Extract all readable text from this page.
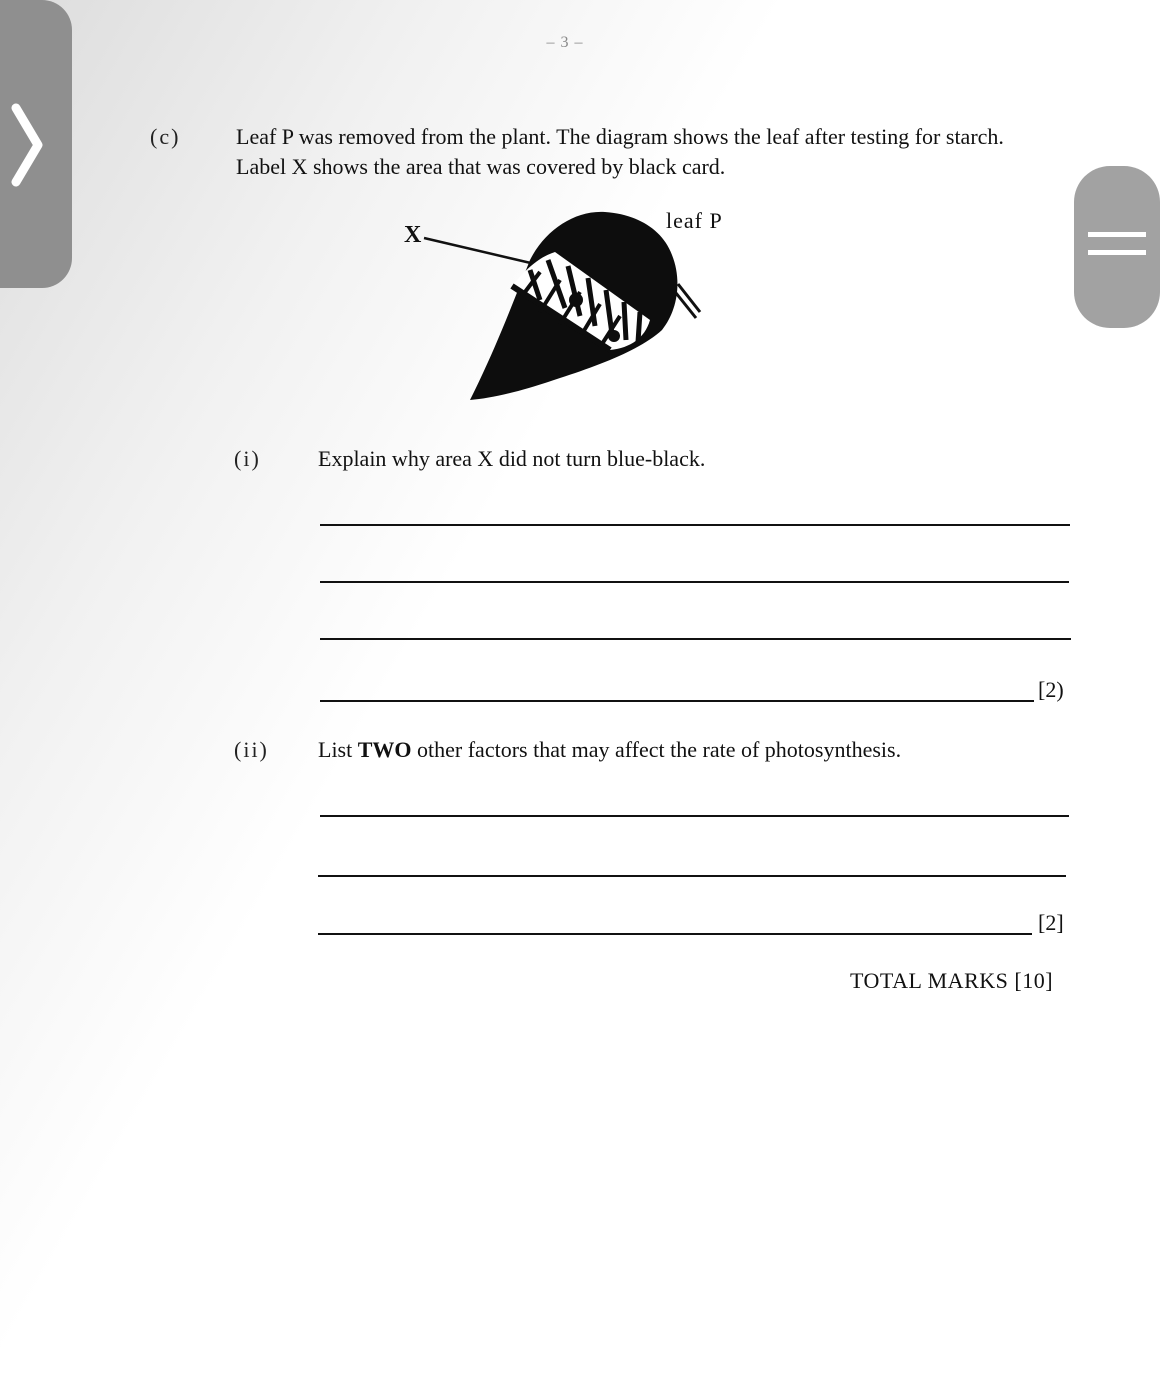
– 3 –
(c)	Leaf P was removed from the plant. The diagram shows the leaf after testing for starch.
Label X shows the area that was covered by black card.
X
leaf P
(i)	Explain why area X did not turn blue-black.
[2)
(ii) List TWO other factors that may affect the rate of photosynthesis.
[2]
TOTAL MARKS [10]
